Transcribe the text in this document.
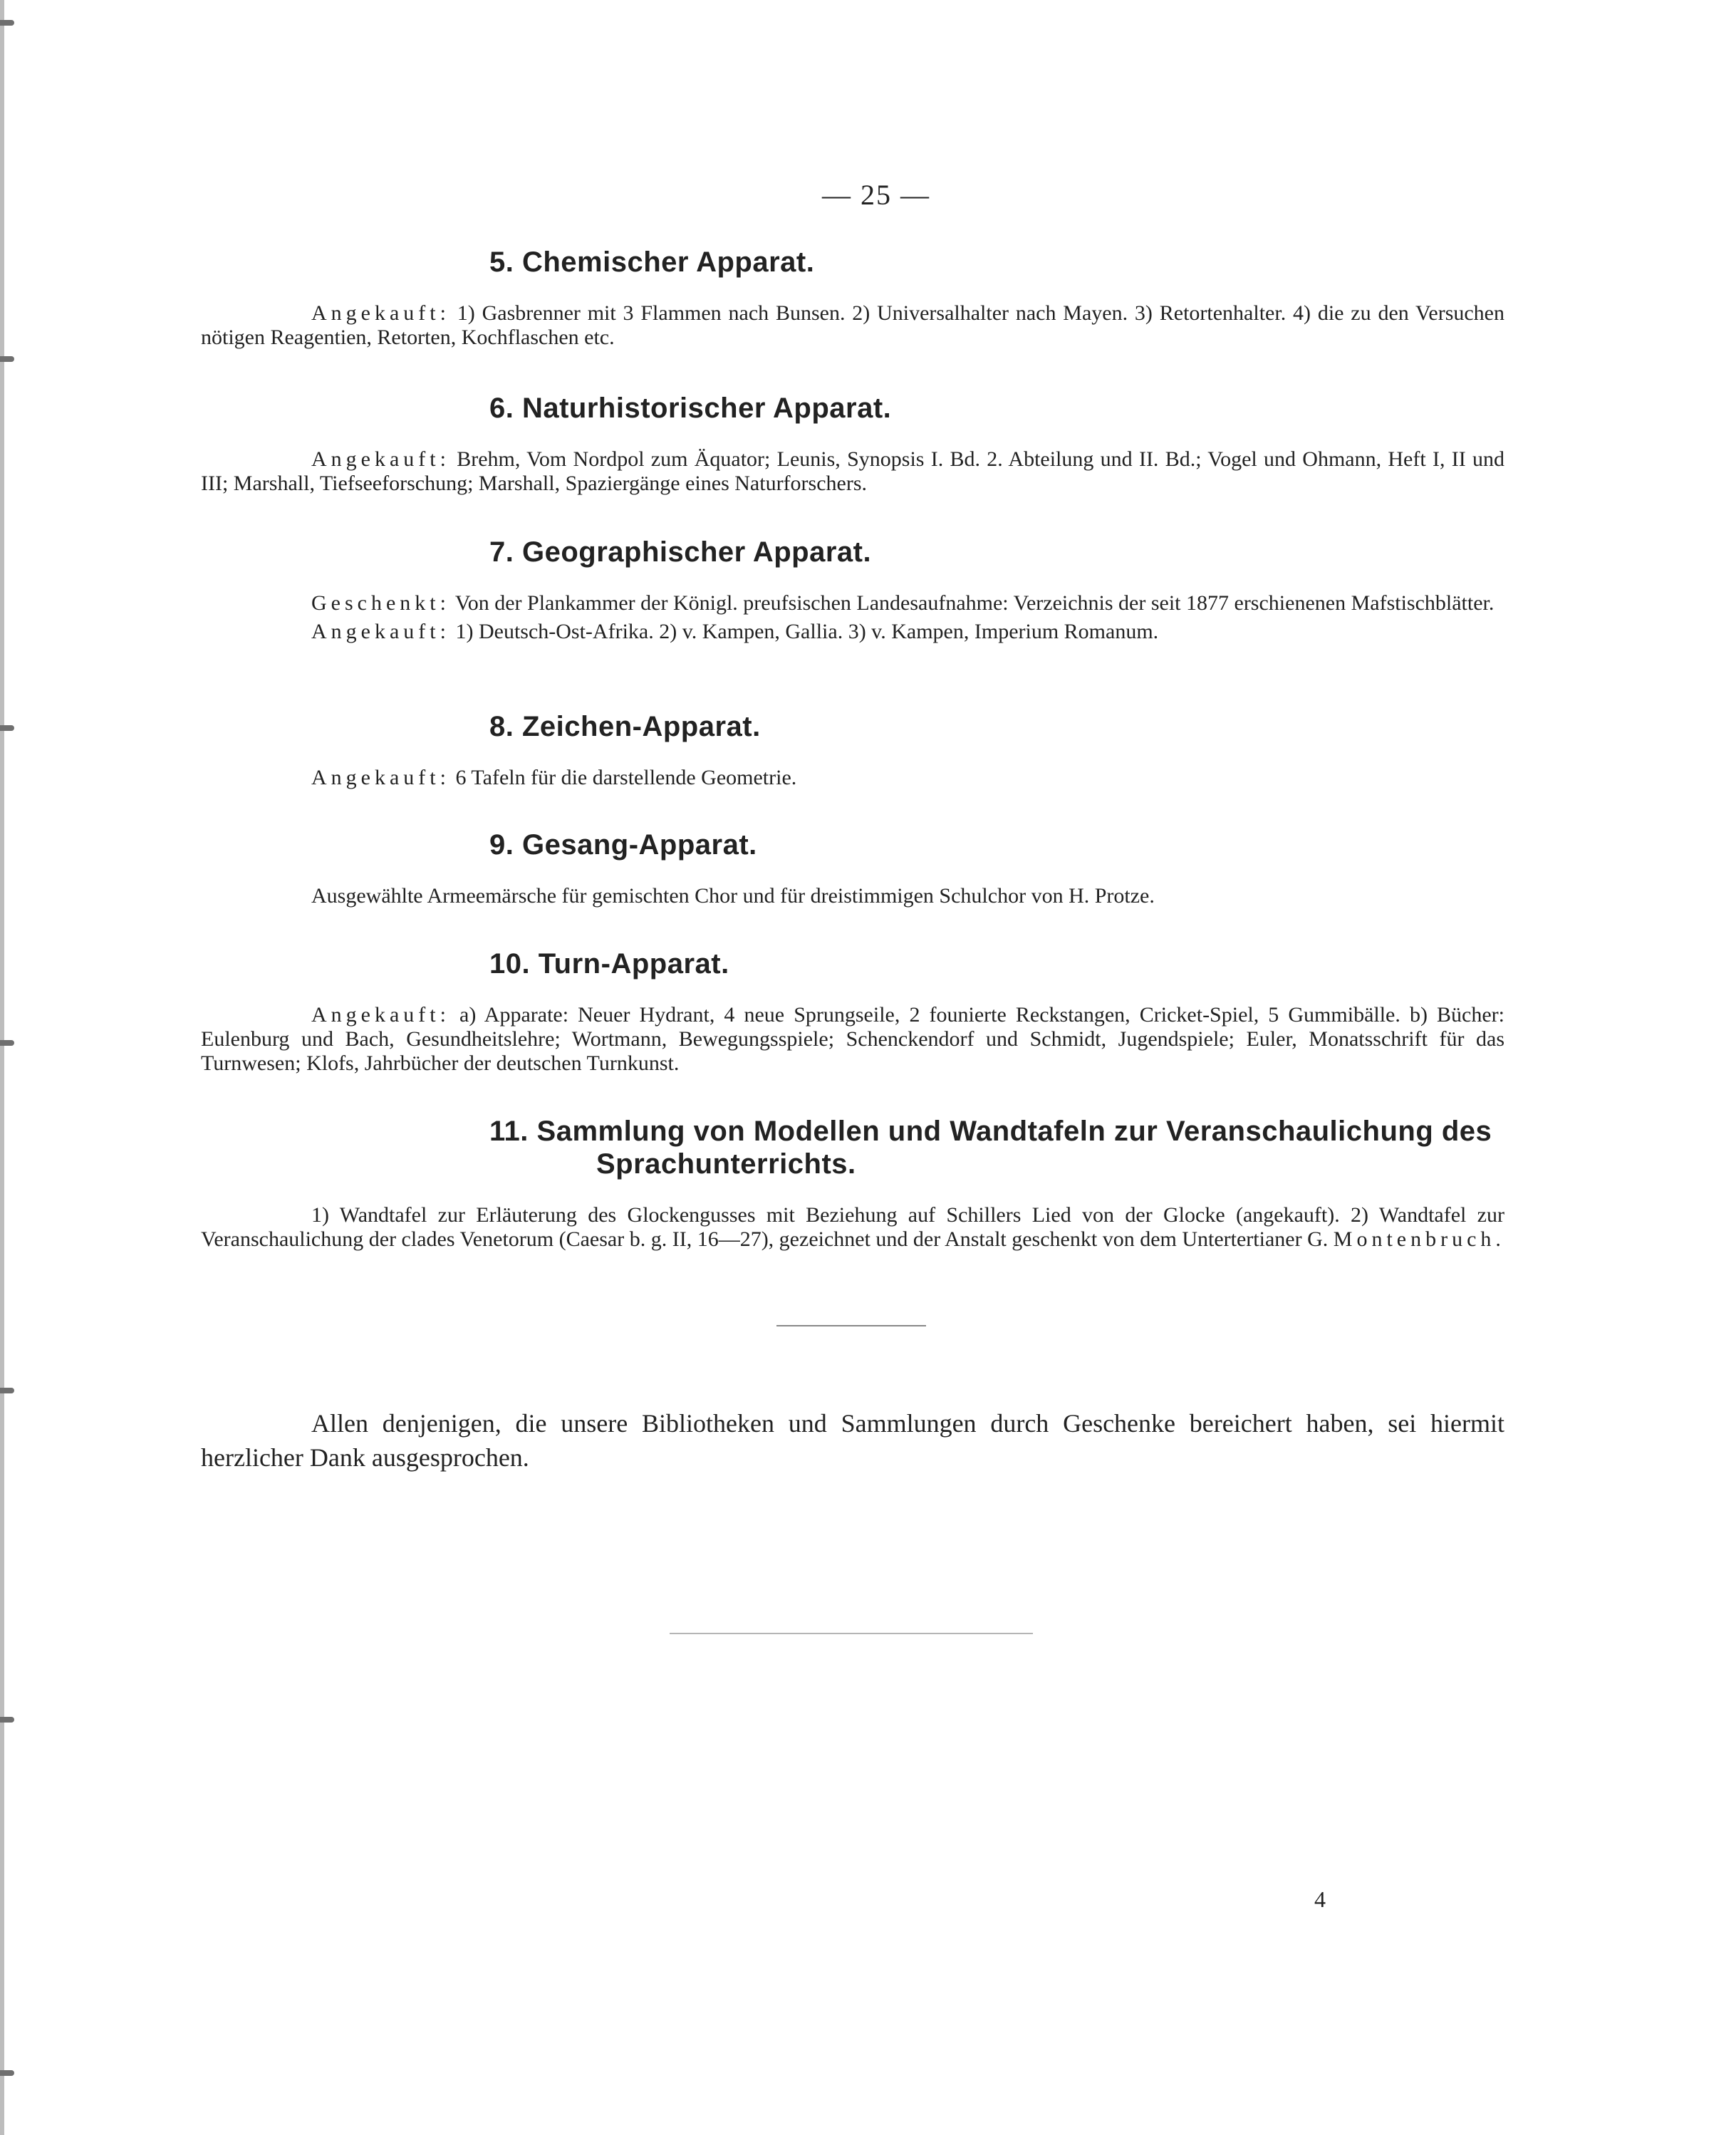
— 25 —
5. Chemischer Apparat.

Angekauft: 1) Gasbrenner mit 3 Flammen nach Bunsen. 2) Universalhalter nach Mayen. 3) Retortenhalter. 4) die zu den Versuchen nötigen Reagentien, Retorten, Kochflaschen etc.

6. Naturhistorischer Apparat.

Angekauft: Brehm, Vom Nordpol zum Äquator; Leunis, Synopsis I. Bd. 2. Abteilung und II. Bd.; Vogel und Ohmann, Heft I, II und III; Marshall, Tiefseeforschung; Marshall, Spaziergänge eines Naturforschers.

7. Geographischer Apparat.

Geschenkt: Von der Plankammer der Königl. preufsischen Landesaufnahme: Verzeichnis der seit 1877 erschienenen Mafstischblätter.

Angekauft: 1) Deutsch-Ost-Afrika. 2) v. Kampen, Gallia. 3) v. Kampen, Imperium Romanum.

8. Zeichen-Apparat.

Angekauft: 6 Tafeln für die darstellende Geometrie.

9. Gesang-Apparat.

Ausgewählte Armeemärsche für gemischten Chor und für dreistimmigen Schulchor von H. Protze.

10. Turn-Apparat.

Angekauft: a) Apparate: Neuer Hydrant, 4 neue Sprungseile, 2 founierte Reckstangen, Cricket-Spiel, 5 Gummibälle. b) Bücher: Eulenburg und Bach, Gesundheitslehre; Wortmann, Bewegungsspiele; Schenckendorf und Schmidt, Jugendspiele; Euler, Monatsschrift für das Turnwesen; Klofs, Jahrbücher der deutschen Turnkunst.

11. Sammlung von Modellen und Wandtafeln zur Veranschaulichung des
Sprachunterrichts.

1) Wandtafel zur Erläuterung des Glockengusses mit Beziehung auf Schillers Lied von der Glocke (angekauft). 2) Wandtafel zur Veranschaulichung der clades Venetorum (Caesar b. g. II, 16—27), gezeichnet und der Anstalt geschenkt von dem Untertertianer G. Montenbruch.

Allen denjenigen, die unsere Bibliotheken und Sammlungen durch Geschenke bereichert haben, sei hiermit herzlicher Dank ausgesprochen.

4
